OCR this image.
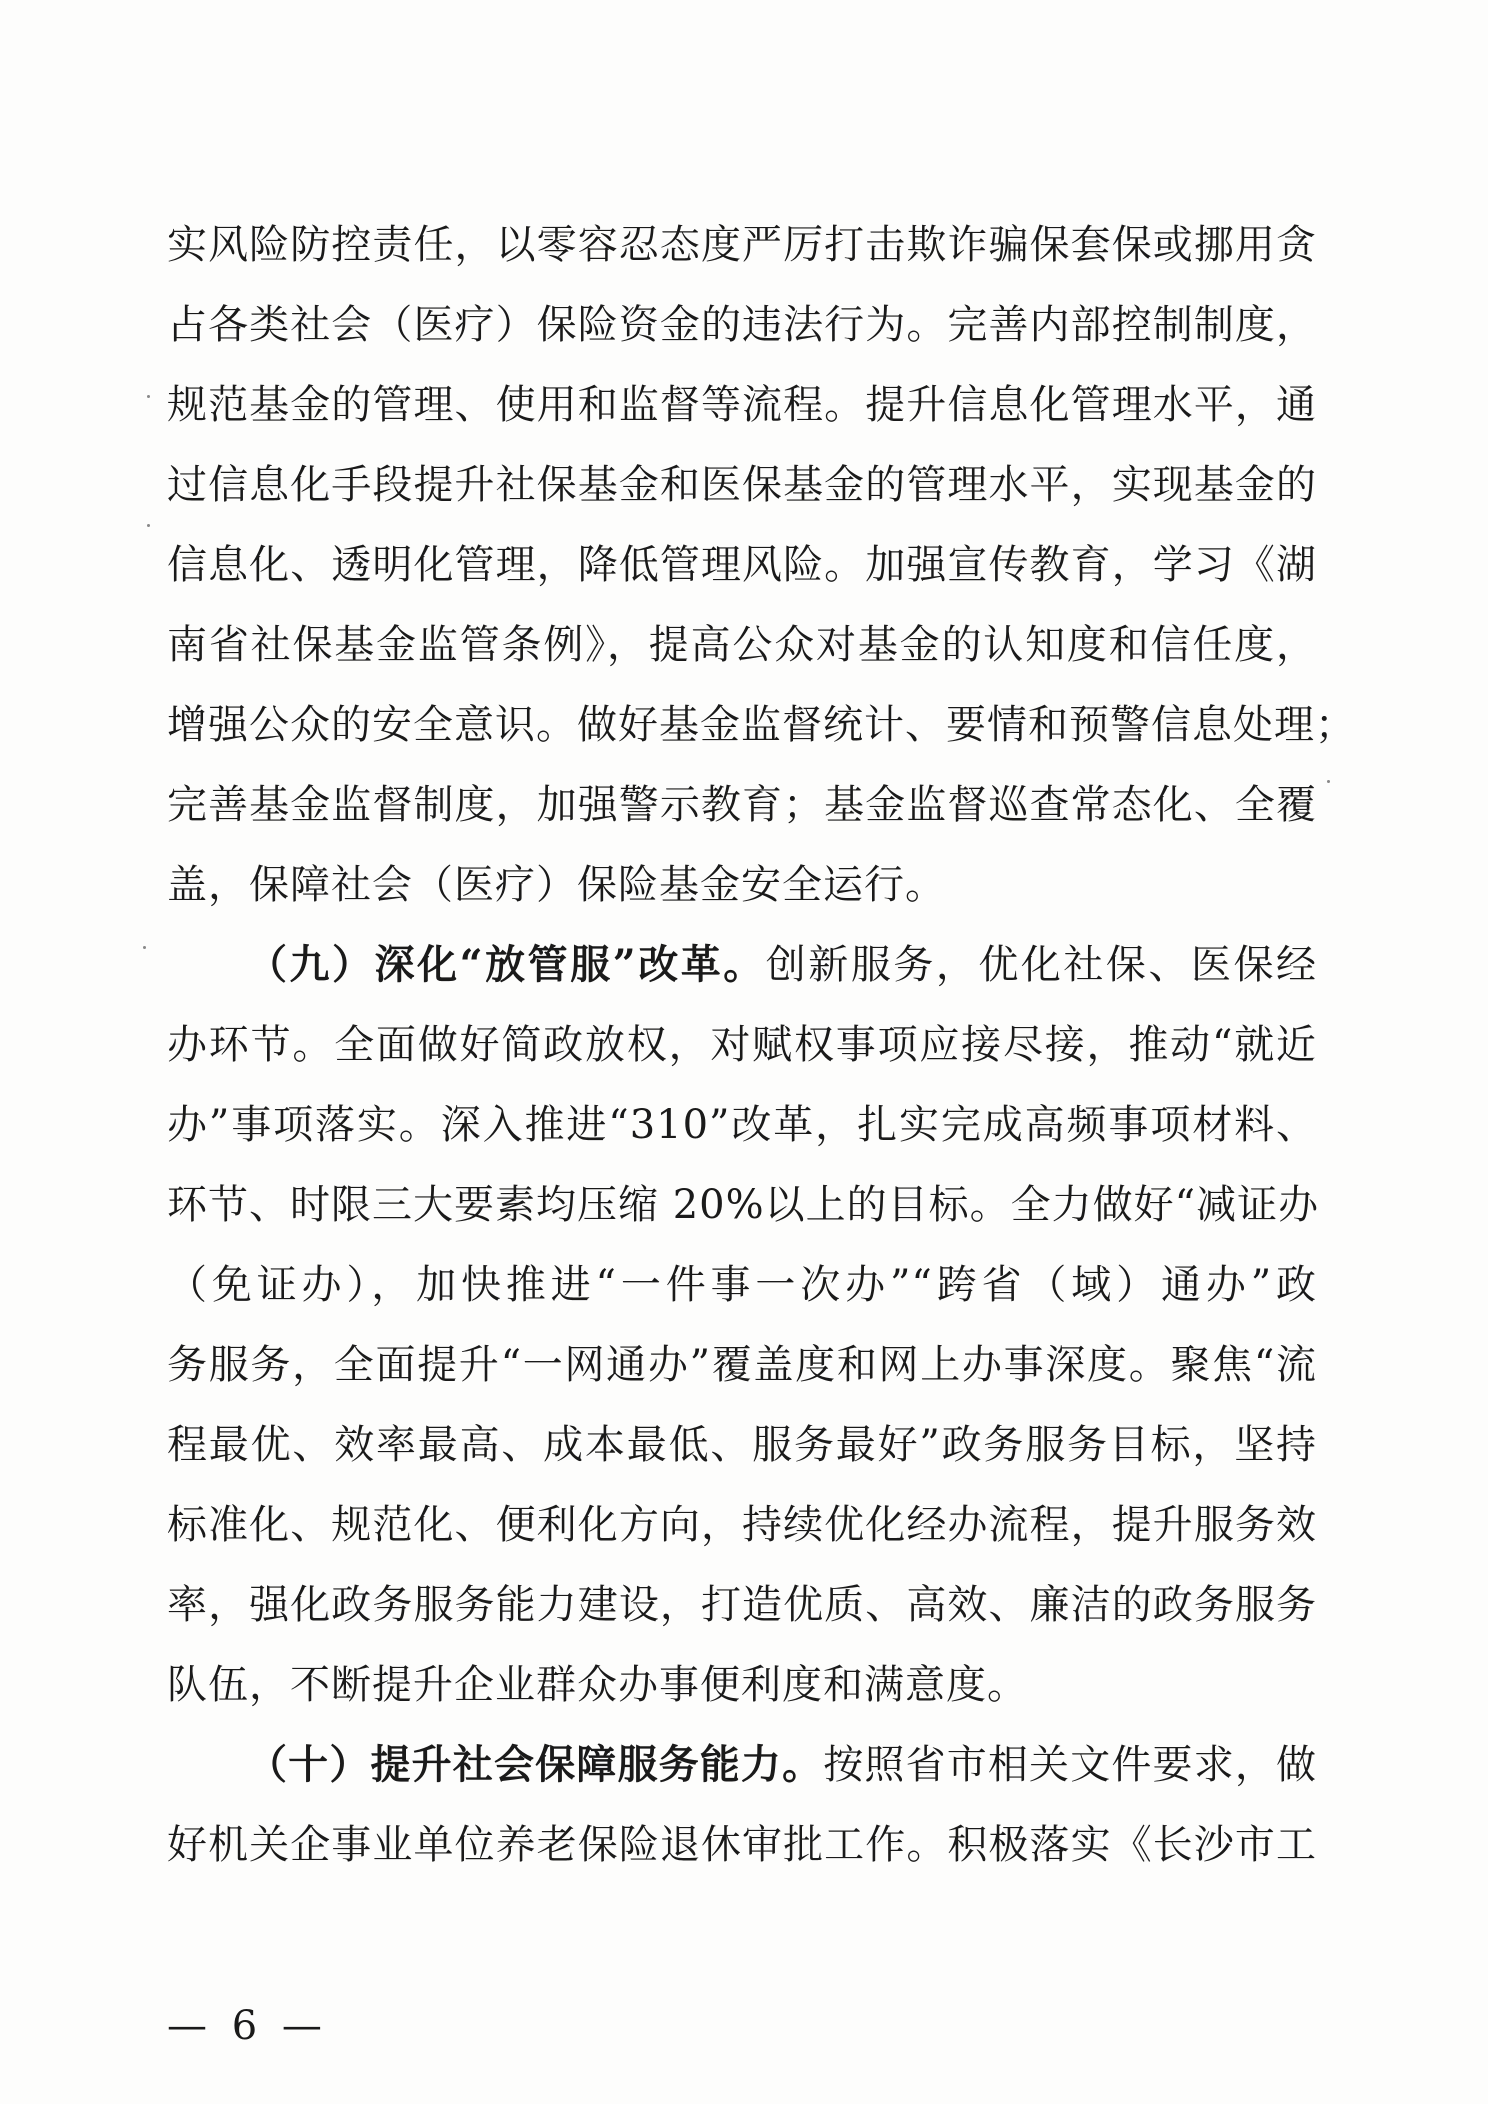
实风险防控责任，以零容忍态度严厉打击欺诈骗保套保或挪用贪
占各类社会（医疗）保险资金的违法行为。完善内部控制制度，
规范基金的管理、使用和监督等流程。提升信息化管理水平，通
过信息化手段提升社保基金和医保基金的管理水平，实现基金的
信息化、透明化管理，降低管理风险。加强宣传教育，学习《湖
南省社保基金监管条例》，提高公众对基金的认知度和信任度，
增强公众的安全意识。做好基金监督统计、要情和预警信息处理；
完善基金监督制度，加强警示教育；基金监督巡查常态化、全覆
盖，保障社会（医疗）保险基金安全运行。
（九）深化“放管服”改革。创新服务，优化社保、医保经
办环节。全面做好简政放权，对赋权事项应接尽接，推动“就近
办”事项落实。深入推进“310”改革，扎实完成高频事项材料、
环节、时限三大要素均压缩 20%以上的目标。全力做好“减证办
（免证办），加快推进“一件事一次办”“跨省（域）通办”政
务服务，全面提升“一网通办”覆盖度和网上办事深度。聚焦“流
程最优、效率最高、成本最低、服务最好”政务服务目标，坚持
标准化、规范化、便利化方向，持续优化经办流程，提升服务效
率，强化政务服务能力建设，打造优质、高效、廉洁的政务服务
队伍，不断提升企业群众办事便利度和满意度。
（十）提升社会保障服务能力。按照省市相关文件要求，做
好机关企事业单位养老保险退休审批工作。积极落实《长沙市工
— 6 —
